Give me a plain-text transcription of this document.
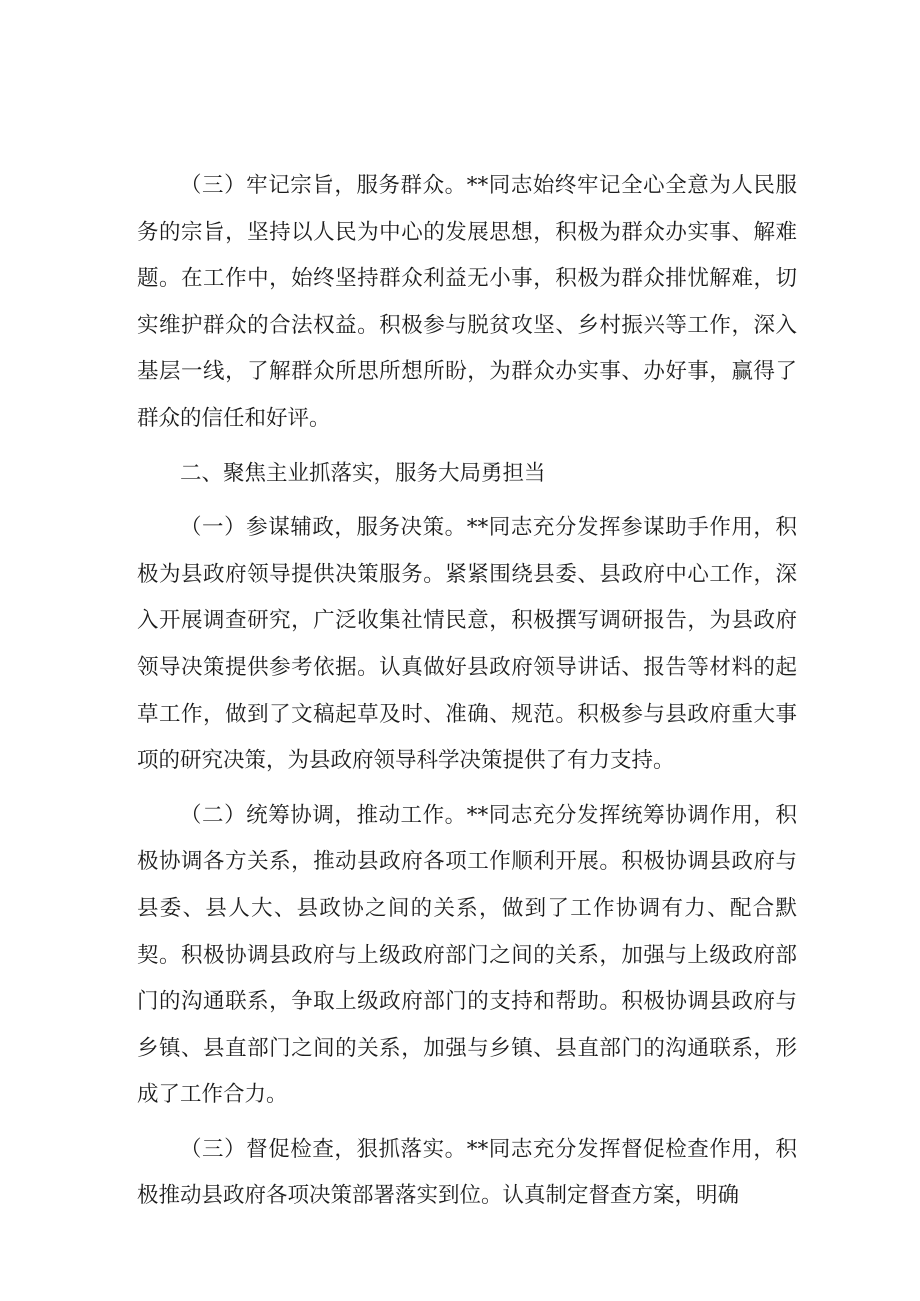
（三）牢记宗旨，服务群众。**同志始终牢记全心全意为人民服务的宗旨，坚持以人民为中心的发展思想，积极为群众办实事、解难题。在工作中，始终坚持群众利益无小事，积极为群众排忧解难，切实维护群众的合法权益。积极参与脱贫攻坚、乡村振兴等工作，深入基层一线，了解群众所思所想所盼，为群众办实事、办好事，赢得了群众的信任和好评。

二、聚焦主业抓落实，服务大局勇担当

（一）参谋辅政，服务决策。**同志充分发挥参谋助手作用，积极为县政府领导提供决策服务。紧紧围绕县委、县政府中心工作，深入开展调查研究，广泛收集社情民意，积极撰写调研报告，为县政府领导决策提供参考依据。认真做好县政府领导讲话、报告等材料的起草工作，做到了文稿起草及时、准确、规范。积极参与县政府重大事项的研究决策，为县政府领导科学决策提供了有力支持。

（二）统筹协调，推动工作。**同志充分发挥统筹协调作用，积极协调各方关系，推动县政府各项工作顺利开展。积极协调县政府与县委、县人大、县政协之间的关系，做到了工作协调有力、配合默契。积极协调县政府与上级政府部门之间的关系，加强与上级政府部门的沟通联系，争取上级政府部门的支持和帮助。积极协调县政府与乡镇、县直部门之间的关系，加强与乡镇、县直部门的沟通联系，形成了工作合力。

（三）督促检查，狠抓落实。**同志充分发挥督促检查作用，积极推动县政府各项决策部署落实到位。认真制定督查方案，明确
